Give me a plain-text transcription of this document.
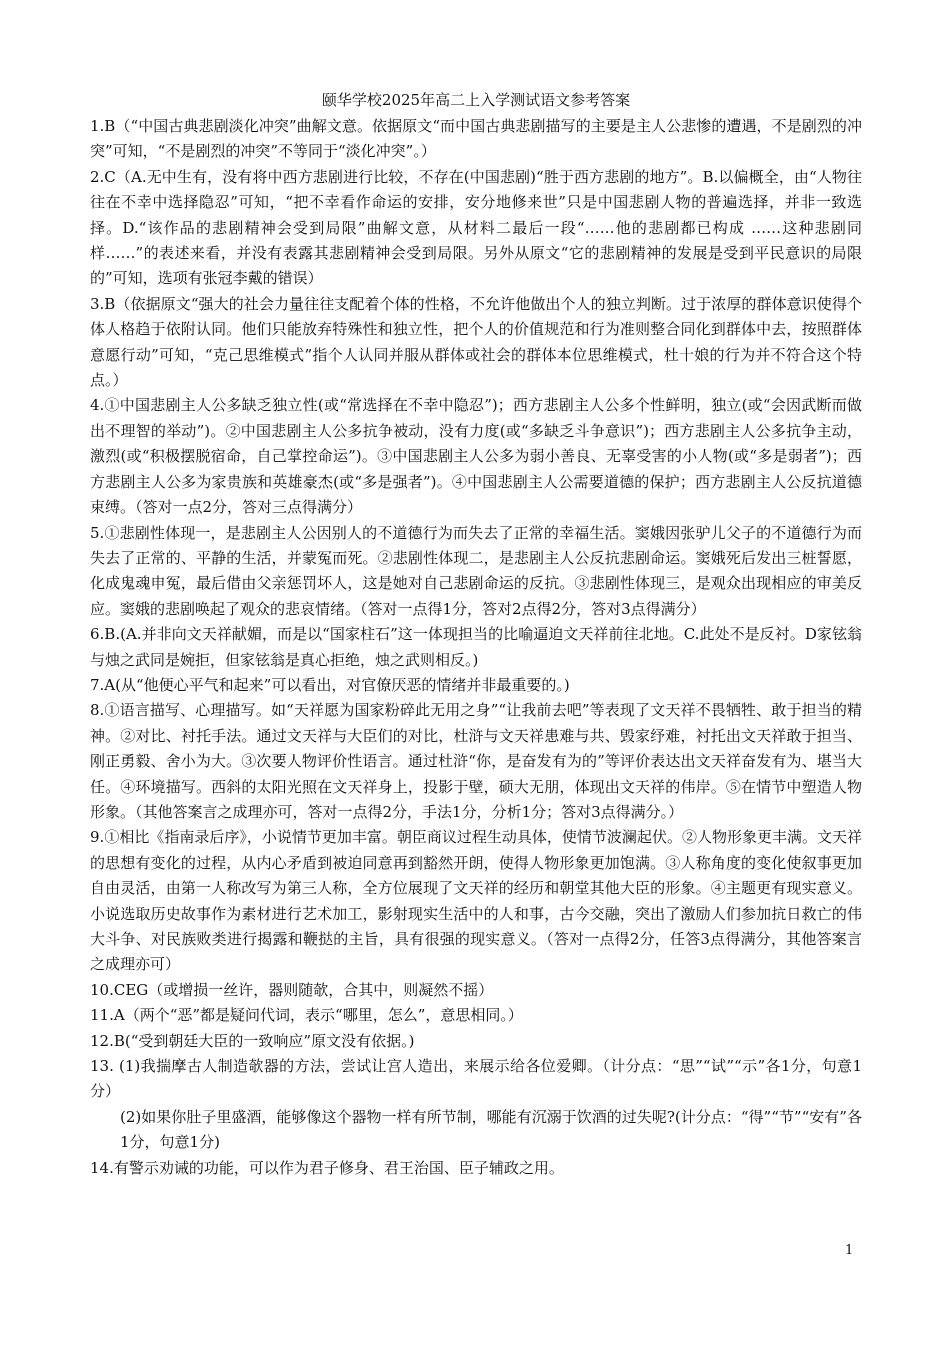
颐华学校2025年高二上入学测试语文参考答案

1.B（“中国古典悲剧淡化冲突”曲解文意。依据原文“而中国古典悲剧描写的主要是主人公悲惨的遭遇，不是剧烈的冲突”可知，“不是剧烈的冲突”不等同于“淡化冲突”。）

2.C（A.无中生有，没有将中西方悲剧进行比较，不存在(中国悲剧)“胜于西方悲剧的地方”。B.以偏概全，由“人物往往在不幸中选择隐忍”可知，“把不幸看作命运的安排，安分地修来世”只是中国悲剧人物的普遍选择，并非一致选择。D.“该作品的悲剧精神会受到局限”曲解文意，从材料二最后一段“……他的悲剧都已构成 ……这种悲剧同样……”的表述来看，并没有表露其悲剧精神会受到局限。另外从原文“它的悲剧精神的发展是受到平民意识的局限的”可知，选项有张冠李戴的错误）

3.B（依据原文“强大的社会力量往往支配着个体的性格，不允许他做出个人的独立判断。过于浓厚的群体意识使得个体人格趋于依附认同。他们只能放弃特殊性和独立性，把个人的价值规范和行为准则整合同化到群体中去，按照群体意愿行动”可知，“克己思维模式”指个人认同并服从群体或社会的群体本位思维模式，杜十娘的行为并不符合这个特点。）

4.①中国悲剧主人公多缺乏独立性(或“常选择在不幸中隐忍”)；西方悲剧主人公多个性鲜明，独立(或“会因武断而做出不理智的举动”)。②中国悲剧主人公多抗争被动，没有力度(或“多缺乏斗争意识”)；西方悲剧主人公多抗争主动，激烈(或“积极摆脱宿命，自己掌控命运”)。③中国悲剧主人公多为弱小善良、无辜受害的小人物(或“多是弱者”)；西方悲剧主人公多为家贵族和英雄豪杰(或“多是强者”)。④中国悲剧主人公需要道德的保护；西方悲剧主人公反抗道德束缚。（答对一点2分，答对三点得满分）

5.①悲剧性体现一，是悲剧主人公因别人的不道德行为而失去了正常的幸福生活。窦娥因张驴儿父子的不道德行为而失去了正常的、平静的生活，并蒙冤而死。②悲剧性体现二，是悲剧主人公反抗悲剧命运。窦娥死后发出三桩誓愿，化成鬼魂申冤，最后借由父亲惩罚坏人，这是她对自己悲剧命运的反抗。③悲剧性体现三，是观众出现相应的审美反应。窦娥的悲剧唤起了观众的悲哀情绪。（答对一点得1分，答对2点得2分，答对3点得满分）

6.B.(A.并非向文天祥献媚，而是以“国家柱石”这一体现担当的比喻逼迫文天祥前往北地。C.此处不是反衬。D家铉翁与烛之武同是婉拒，但家铉翁是真心拒绝，烛之武则相反。)

7.A(从“他便心平气和起来”可以看出，对官僚厌恶的情绪并非最重要的。)

8.①语言描写、心理描写。如“天祥愿为国家粉碎此无用之身”“让我前去吧”等表现了文天祥不畏牺牲、敢于担当的精神。②对比、衬托手法。通过文天祥与大臣们的对比，杜浒与文天祥患难与共、毁家纾难，衬托出文天祥敢于担当、刚正勇毅、舍小为大。③次要人物评价性语言。通过杜浒“你，是奋发有为的”等评价表达出文天祥奋发有为、堪当大任。④环境描写。西斜的太阳光照在文天祥身上，投影于壁，硕大无朋，体现出文天祥的伟岸。⑤在情节中塑造人物形象。（其他答案言之成理亦可，答对一点得2分，手法1分，分析1分；答对3点得满分。）

9.①相比《指南录后序》，小说情节更加丰富。朝臣商议过程生动具体，使情节波澜起伏。②人物形象更丰满。文天祥的思想有变化的过程，从内心矛盾到被迫同意再到豁然开朗，使得人物形象更加饱满。③人称角度的变化使叙事更加自由灵活，由第一人称改写为第三人称，全方位展现了文天祥的经历和朝堂其他大臣的形象。④主题更有现实意义。小说选取历史故事作为素材进行艺术加工，影射现实生活中的人和事，古今交融，突出了激励人们参加抗日救亡的伟大斗争、对民族败类进行揭露和鞭挞的主旨，具有很强的现实意义。（答对一点得2分，任答3点得满分，其他答案言之成理亦可）

10.CEG（或增损一丝许，器则随欹，合其中，则凝然不摇）

11.A（两个“恶”都是疑问代词，表示“哪里，怎么”，意思相同。）

12.B(“受到朝廷大臣的一致响应”原文没有依据。)

13. (1)我揣摩古人制造欹器的方法，尝试让宫人造出，来展示给各位爱卿。（计分点：“思”“试”“示”各1分，句意1分）

(2)如果你肚子里盛酒，能够像这个器物一样有所节制，哪能有沉溺于饮酒的过失呢?(计分点：“得”“节”“安有”各1分，句意1分)

14.有警示劝诫的功能，可以作为君子修身、君王治国、臣子辅政之用。

1
